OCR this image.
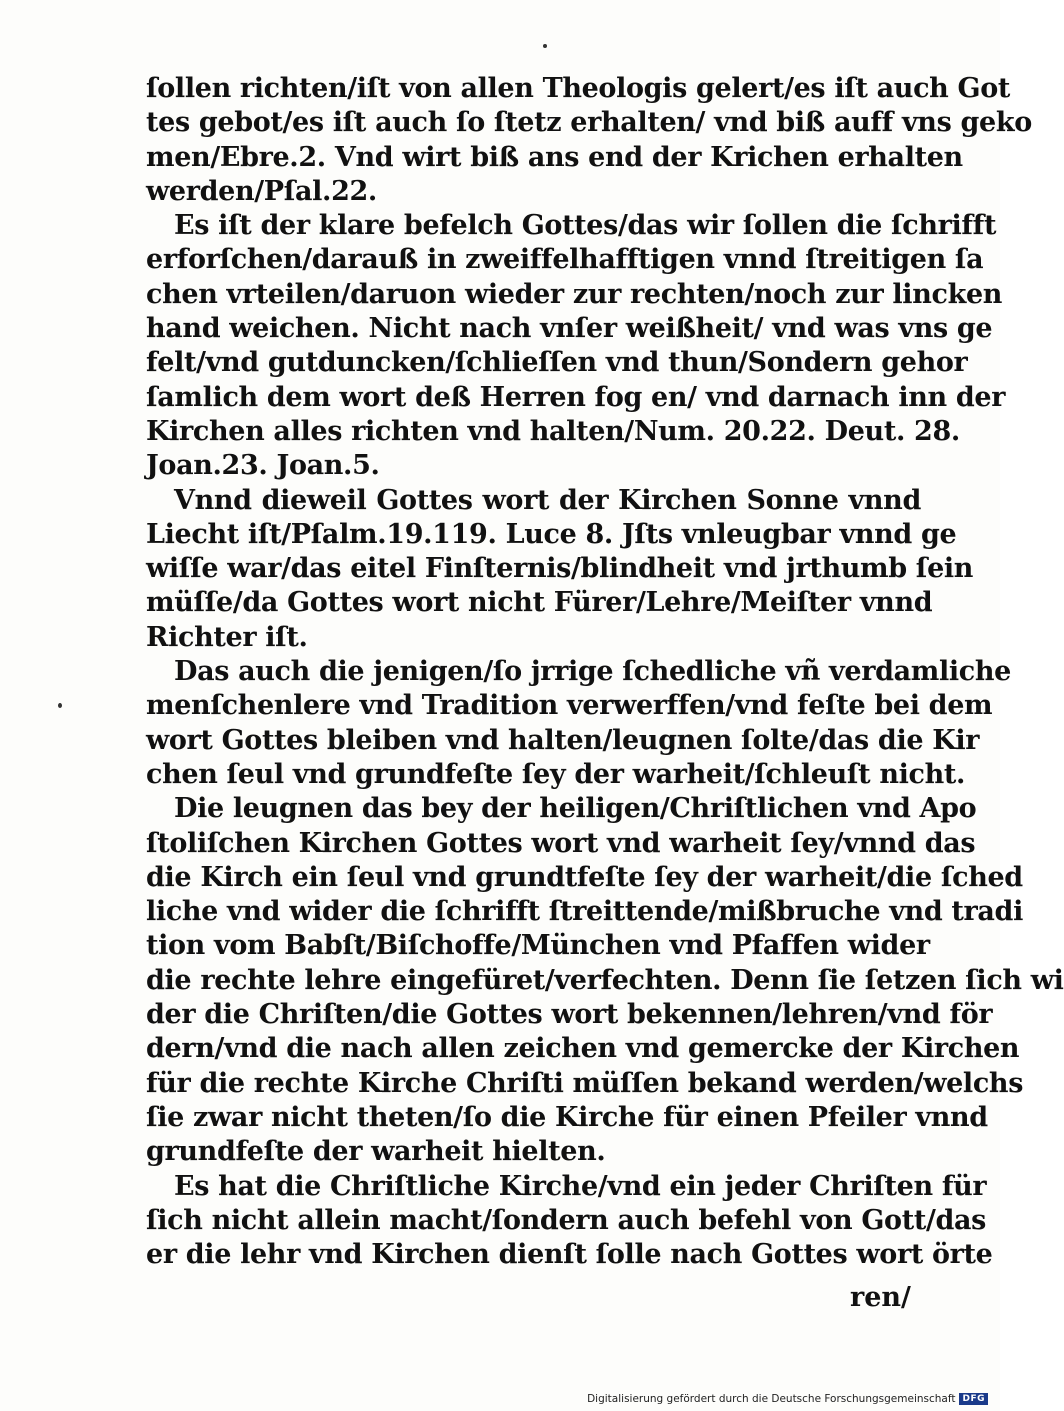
ſollen richten/iſt von allen Theologis gelert/es iſt auch Got
tes gebot/es iſt auch ſo ſtetz erhalten/ vnd biß auff vns geko
men/Ebre.2. Vnd wirt biß ans end der Krichen erhalten
werden/Pſal.22.
Es iſt der klare befelch Gottes/das wir ſollen die ſchrifft
erforſchen/darauß in zweiffelhafftigen vnnd ſtreitigen ſa
chen vrteilen/daruon wieder zur rechten/noch zur lincken
hand weichen. Nicht nach vnſer weißheit/ vnd was vns ge
felt/vnd gutduncken/ſchlieſſen vnd thun/Sondern gehor
ſamlich dem wort deß Herren fog en/ vnd darnach inn der
Kirchen alles richten vnd halten/Num. 20.22. Deut. 28.
Joan.23. Joan.5.
Vnnd dieweil Gottes wort der Kirchen Sonne vnnd
Liecht iſt/Pſalm.19.119. Luce 8. Jſts vnleugbar vnnd ge
wiſſe war/das eitel Finſternis/blindheit vnd jrthumb ſein
müſſe/da Gottes wort nicht Fürer/Lehre/Meiſter vnnd
Richter iſt.
Das auch die jenigen/ſo jrrige ſchedliche vñ verdamliche
menſchenlere vnd Tradition verwerffen/vnd feſte bei dem
wort Gottes bleiben vnd halten/leugnen ſolte/das die Kir
chen ſeul vnd grundfeſte ſey der warheit/ſchleuſt nicht.
Die leugnen das bey der heiligen/Chriſtlichen vnd Apo
ſtoliſchen Kirchen Gottes wort vnd warheit ſey/vnnd das
die Kirch ein ſeul vnd grundtfeſte ſey der warheit/die ſched
liche vnd wider die ſchrifft ſtreittende/mißbruche vnd tradi
tion vom Babſt/Biſchoffe/München vnd Pfaffen wider
die rechte lehre eingefüret/verfechten. Denn ſie ſetzen ſich wi
der die Chriſten/die Gottes wort bekennen/lehren/vnd för
dern/vnd die nach allen zeichen vnd gemercke der Kirchen
für die rechte Kirche Chriſti müſſen bekand werden/welchs
ſie zwar nicht theten/ſo die Kirche für einen Pfeiler vnnd
grundfeſte der warheit hielten.
Es hat die Chriſtliche Kirche/vnd ein jeder Chriſten für
ſich nicht allein macht/ſondern auch befehl von Gott/das
er die lehr vnd Kirchen dienſt ſolle nach Gottes wort örte
ren/
Digitalisierung gefördert durch die Deutsche Forschungsgemeinschaft DFG
